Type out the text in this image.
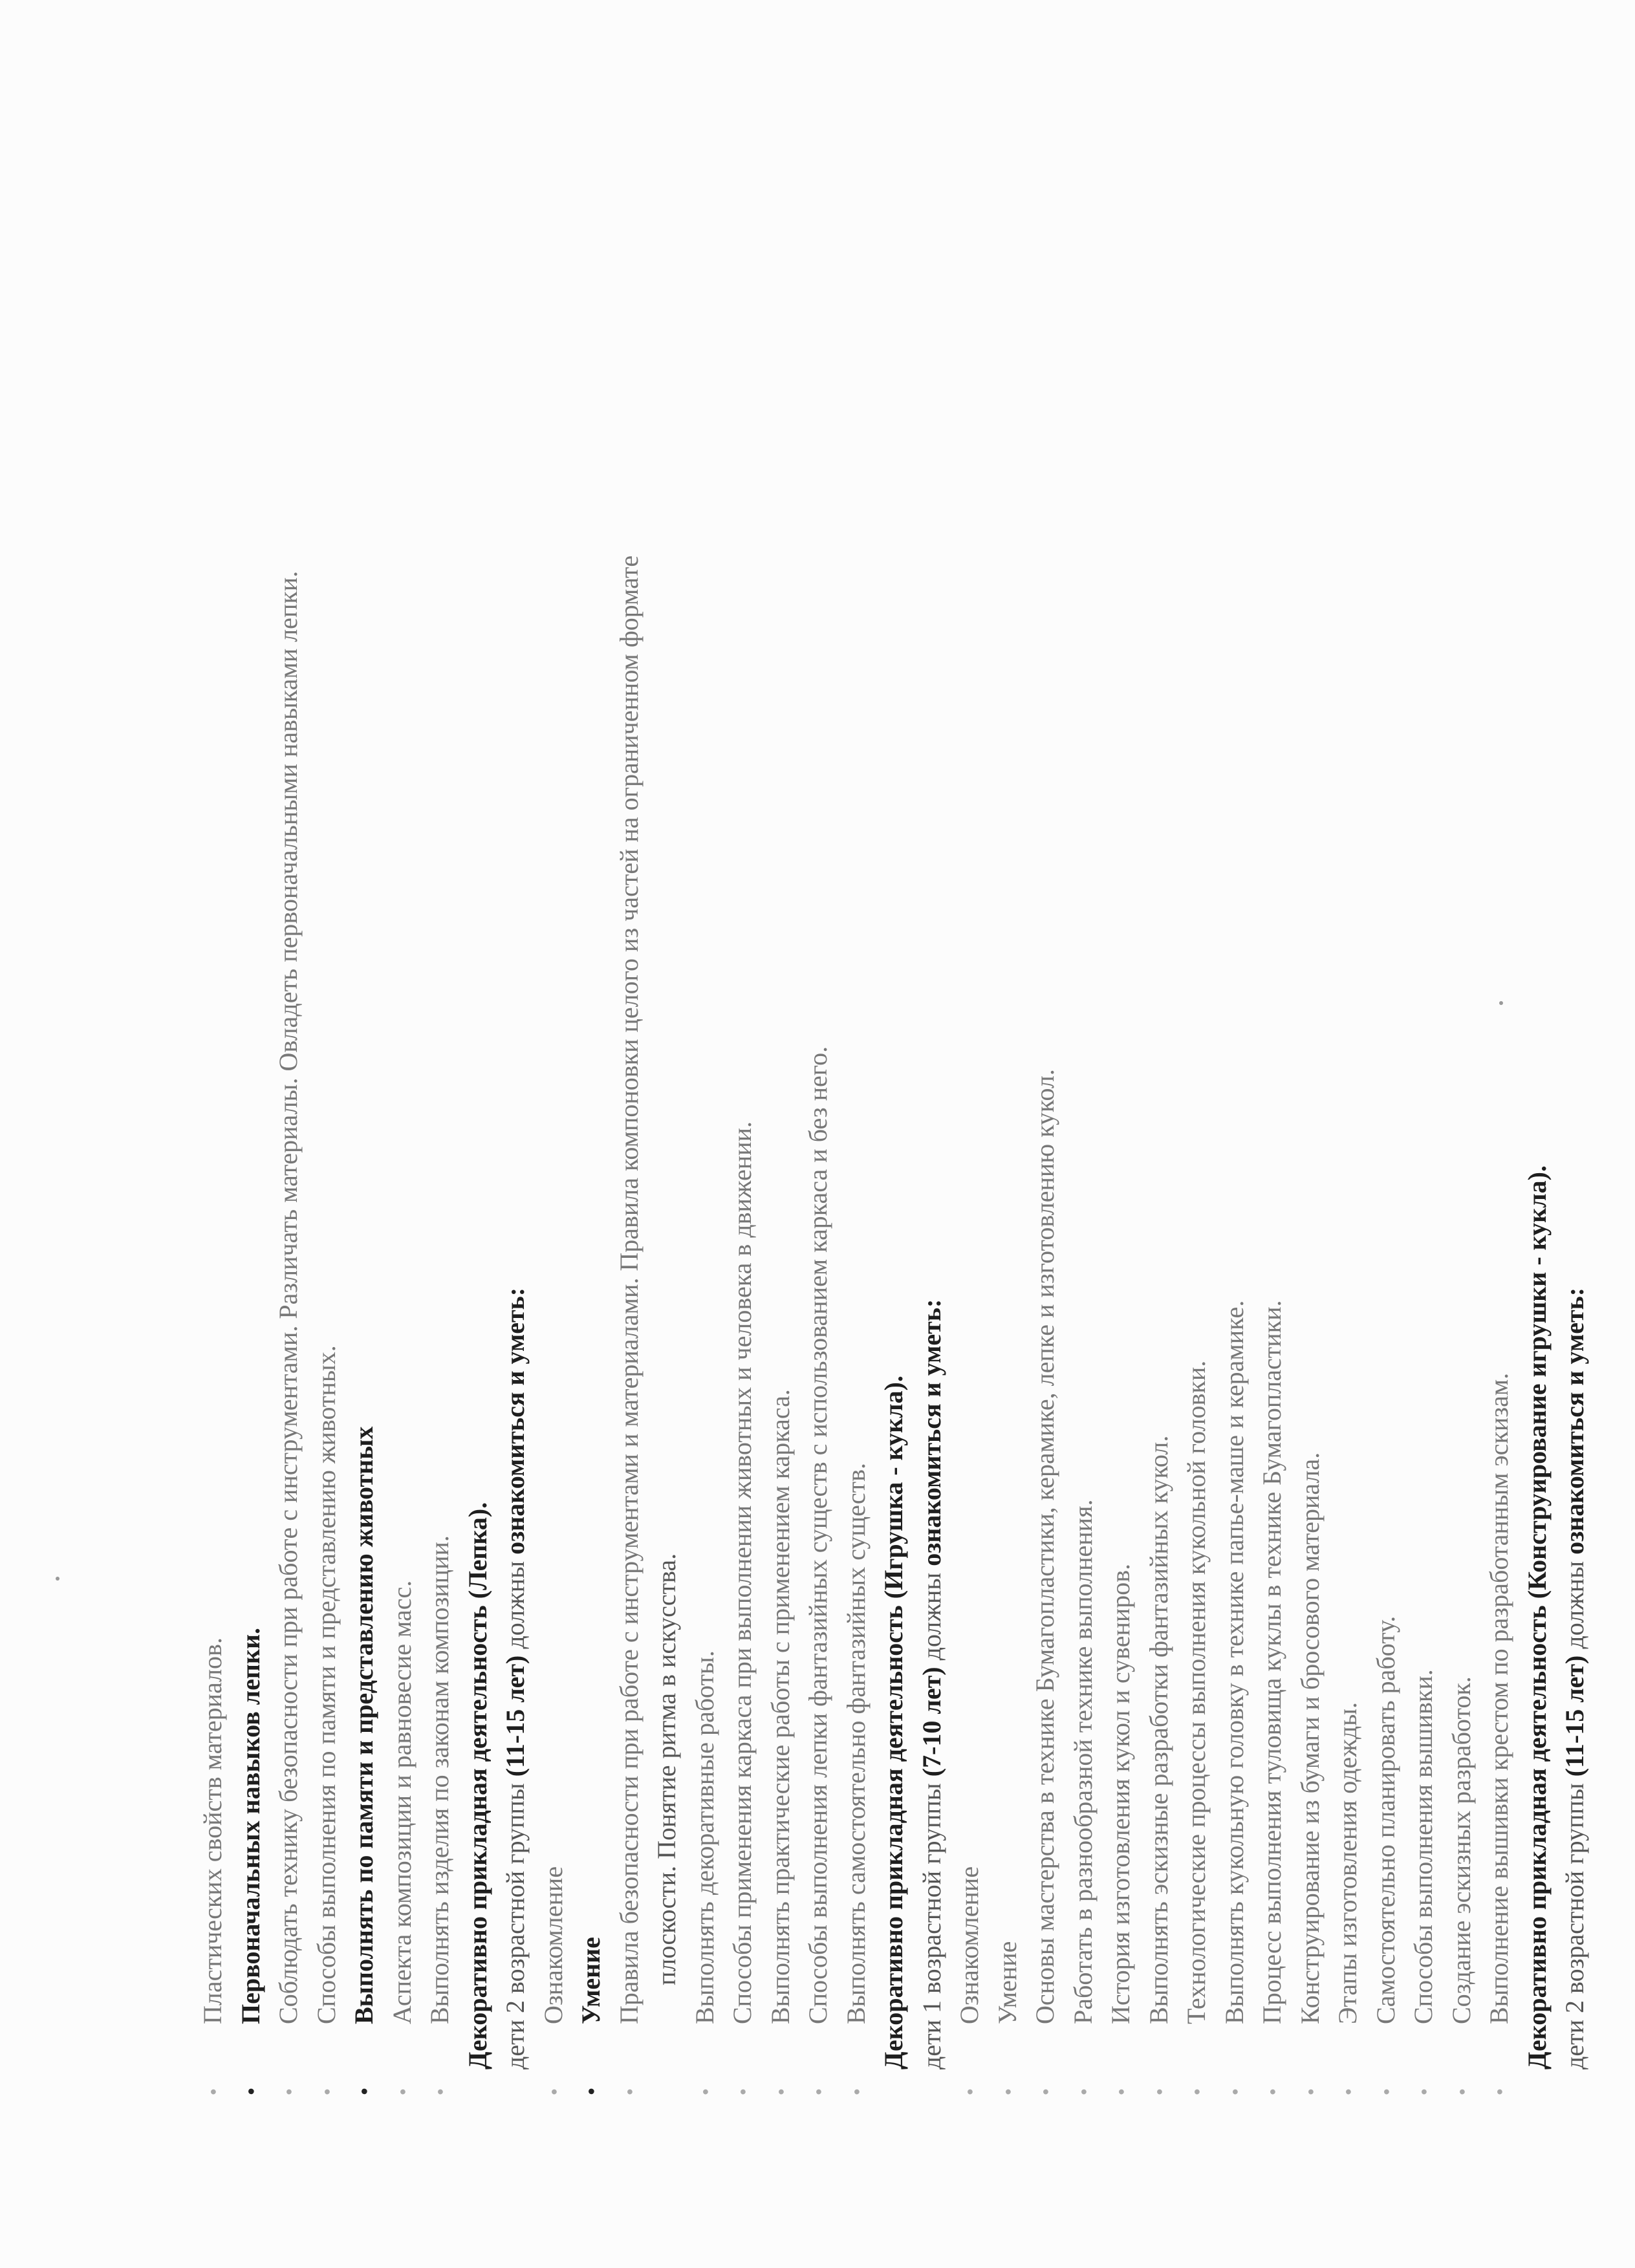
● Пластических свойств материалов. ● Первоначальных навыков лепки. ● Соблюдать технику безопасности при работе с инструментами. Различать материалы. Овладеть первоначальными навыками лепки. ● Способы выполнения по памяти и представлению животных. ● Выполнять по памяти и представлению животных ● Аспекта композиции и равновесие масс. ● Выполнять изделия по законам композиции. Декоративно прикладная деятельность (Лепка). дети 2 возрастной группы (11-15 лет) должны ознакомиться и уметь:
● Ознакомление ● Умение ● Правила безопасности при работе с инструментами и материалами. Правила компоновки целого из частей на ограниченном формате плоскости. Понятие ритма в искусства. ● Выполнять декоративные работы. ● Способы применения каркаса при выполнении животных и человека в движении. ● Выполнять практические работы с применением каркаса. ● Способы выполнения лепки фантазийных существ с использованием каркаса и без него. ● Выполнять самостоятельно фантазийных существ. Декоративно прикладная деятельность (Игрушка - кукла). дети 1 возрастной группы (7-10 лет) должны ознакомиться и уметь:
● Ознакомление ● Умение ● Основы мастерства в технике Бумагопластики, керамике, лепке и изготовлению кукол. ● Работать в разнообразной технике выполнения. ● История изготовления кукол и сувениров. ● Выполнять эскизные разработки фантазийных кукол. ● Технологические процессы выполнения кукольной головки. ● Выполнять кукольную головку в технике папье-маше и керамике. ● Процесс выполнения туловища куклы в технике Бумагопластики. ● Конструирование из бумаги и бросового материала. ● Этапы изготовления одежды. ● Самостоятельно планировать работу. ● Способы выполнения вышивки. ● Создание эскизных разработок. ● Выполнение вышивки крестом по разработанным эскизам. Декоративно прикладная деятельность (Конструирование игрушки - кукла). дети 2 возрастной группы (11-15 лет) должны ознакомиться и уметь:
